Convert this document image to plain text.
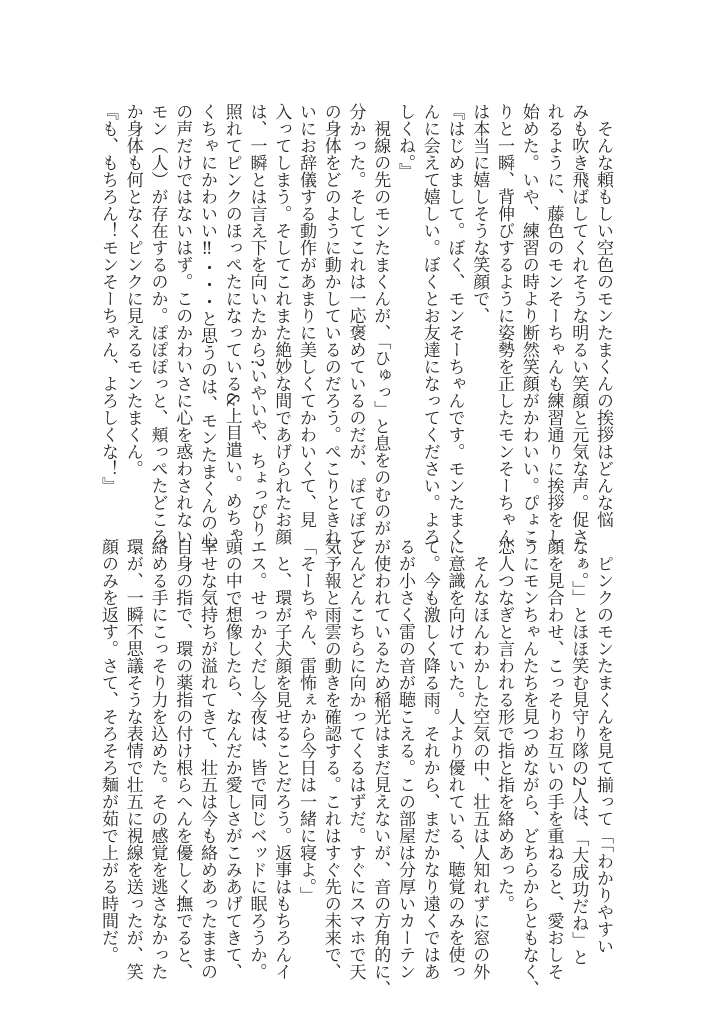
　そんな頼もしい空色のモンたまくんの挨拶はどんな悩
みも吹き飛ばしてくれそうな明るい笑顔と元気な声。促さ
れるように、藤色のモンそーちゃんも練習通りに挨拶をし
始めた。いや、練習の時より断然笑顔がかわいい。ぴょこ
りと一瞬、背伸びするように姿勢を正したモンそーちゃん
は本当に嬉しそうな笑顔で、
『はじめまして。ぼく、モンそーちゃんです。モンたまく
んに会えて嬉しい。ぼくとお友達になってください。よろ
しくね。』
　視線の先のモンたまくんが、「ひゅっ」と息をのむのが
分かった。そしてこれは一応褒めているのだが、ぽてぽて
の身体をどのように動かしているのだろう。ぺこりときれ
いにお辞儀する動作があまりに美しくてかわいくて、見
入ってしまう。そしてこれまた絶妙な間であげられたお顔
は、一瞬とは言え下を向いたから?いやいや、ちょっぴり
照れてピンクのほっぺたになっている&上目遣い。めちゃ
くちゃにかわいい‼・・・と思うのは、モンたまくんの心
の声だけではないはず。このかわいさに心を惑わされない
モン（人）が存在するのか。ぽぽぽっと、頬っぺたどころ
か身体も何となくピンクに見えるモンたまくん。
『も、もちろん！モンそーちゃん、よろしくな！』
　ピンクのモンたまくんを見て揃って「「わかりやすい
なぁ。」」とほほ笑む見守り隊の2人は、「大成功だね」と
顔を見合わせ、こっそりお互いの手を重ねると、愛おしそ
うにモンちゃんたちを見つめながら、どちらからともなく、
恋人つなぎと言われる形で指と指を絡めあった。
　そんなほんわかした空気の中、壮五は人知れずに窓の外
に意識を向けていた。人より優れている、聴覚のみを使っ
て。今も激しく降る雨。それから、まだかなり遠くではあ
るが小さく雷の音が聴こえる。この部屋は分厚いカーテン
が使われているため稲光はまだ見えないが、音の方角的に、
どんどんこちらに向かってくるはずだ。すぐにスマホで天
気予報と雨雲の動きを確認する。これはすぐ先の未来で、
「そーちゃん、雷怖ぇから今日は一緒に寝よ。」
　と、環が子犬顔を見せることだろう。返事はもちろんイ
エス。せっかくだし今夜は、皆で同じベッドに眠ろうか。
頭の中で想像したら、なんだか愛しさがこみあげてきて、
幸せな気持ちが溢れてきて、壮五は今も絡めあったままの
自身の指で、環の薬指の付け根らへんを優しく撫でると、
絡める手にこっそり力を込めた。その感覚を逃さなかった
環が、一瞬不思議そうな表情で壮五に視線を送ったが、笑
顔のみを返す。さて、そろそろ麺が茹で上がる時間だ。
